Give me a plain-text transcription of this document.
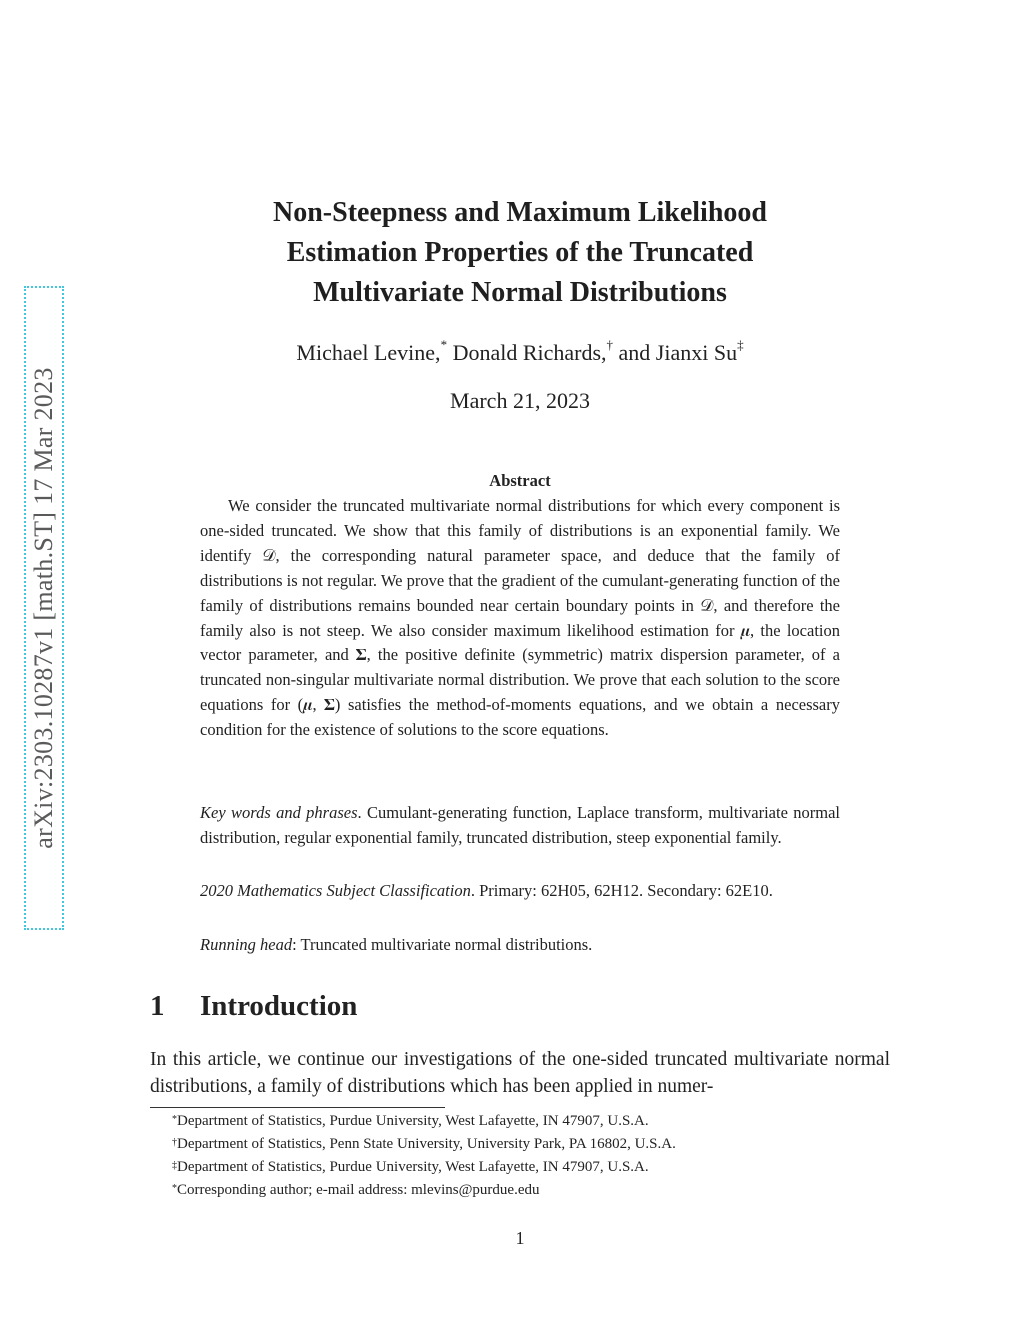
arXiv:2303.10287v1 [math.ST] 17 Mar 2023
Non-Steepness and Maximum Likelihood
Estimation Properties of the Truncated
Multivariate Normal Distributions
Michael Levine,* Donald Richards,† and Jianxi Su‡
March 21, 2023
Abstract
We consider the truncated multivariate normal distributions for which every component is one-sided truncated. We show that this family of distributions is an exponential family. We identify 𝒟, the corresponding natural parameter space, and deduce that the family of distributions is not regular. We prove that the gradient of the cumulant-generating function of the family of distributions remains bounded near certain boundary points in 𝒟, and therefore the family also is not steep. We also consider maximum likelihood estimation for 𝝁, the location vector parameter, and 𝚺, the positive definite (symmetric) matrix dispersion parameter, of a truncated non-singular multivariate normal distribution. We prove that each solution to the score equations for (𝝁, 𝚺) satisfies the method-of-moments equations, and we obtain a necessary condition for the existence of solutions to the score equations.
Key words and phrases. Cumulant-generating function, Laplace transform, multivariate normal distribution, regular exponential family, truncated distribution, steep exponential family.
2020 Mathematics Subject Classification. Primary: 62H05, 62H12. Secondary: 62E10.
Running head: Truncated multivariate normal distributions.
1 Introduction
In this article, we continue our investigations of the one-sided truncated multivariate normal distributions, a family of distributions which has been applied in numer-
*Department of Statistics, Purdue University, West Lafayette, IN 47907, U.S.A.
†Department of Statistics, Penn State University, University Park, PA 16802, U.S.A.
‡Department of Statistics, Purdue University, West Lafayette, IN 47907, U.S.A.
*Corresponding author; e-mail address: mlevins@purdue.edu
1
